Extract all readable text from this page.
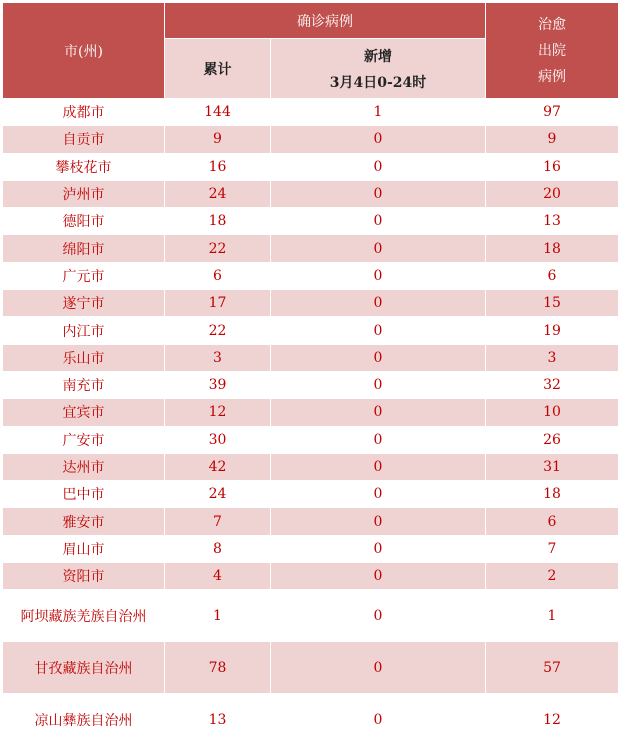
市(州)	确诊病例		治愈
出院
病例

	累计	新增
3月4日0-24时	

成都市	144	1	97
自贡市	9	0	9
攀枝花市	16	0	16
泸州市	24	0	20
德阳市	18	0	13
绵阳市	22	0	18
广元市	6	0	6
遂宁市	17	0	15
内江市	22	0	19
乐山市	3	0	3
南充市	39	0	32
宜宾市	12	0	10
广安市	30	0	26
达州市	42	0	31
巴中市	24	0	18
雅安市	7	0	6
眉山市	8	0	7
资阳市	4	0	2
阿坝藏族羌族自治州	1	0	1
甘孜藏族自治州	78	0	57
凉山彝族自治州	13	0	12
